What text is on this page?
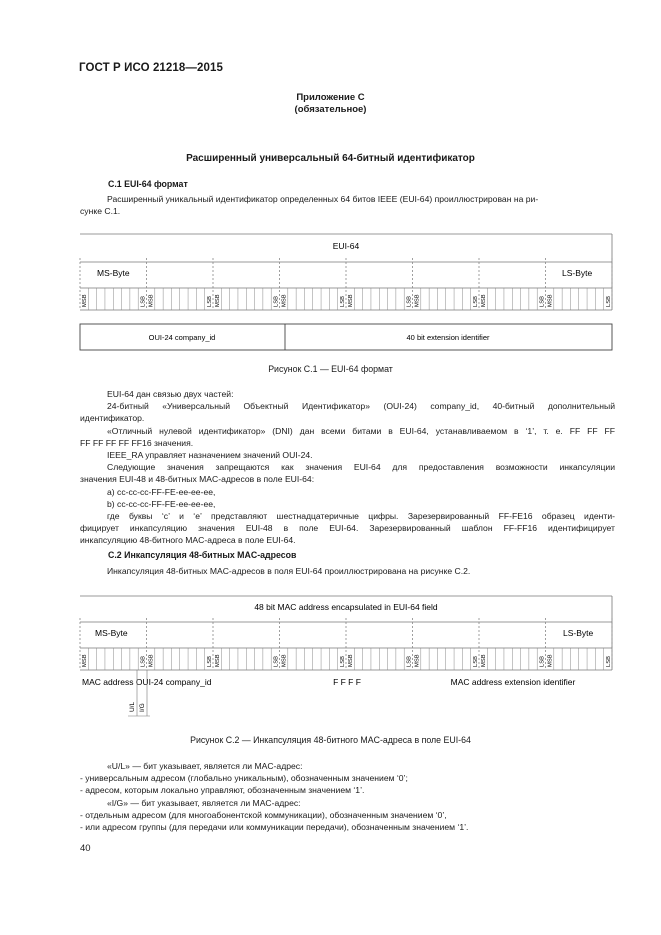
ГОСТ Р ИСО 21218—2015
Приложение С
(обязательное)
Расширенный универсальный 64-битный идентификатор
С.1 EUI-64 формат
Расширенный уникальный идентификатор определенных 64 битов IEEE (EUI-64) проиллюстрирован на ри-
сунке С.1.
EUI-64
MS-Byte	LS-Byte
MSB	LSB MSB	LSB MSB	LSB MSB	LSB MSB	LSB MSB	LSB MSB	LSB MSB	LSB
OUI-24 company_id	40 bit extension identifier
Рисунок С.1 — EUI-64 формат
EUI-64 дан связью двух частей:
24-битный «Универсальный Объектный Идентификатор» (OUI-24) company_id, 40-битный дополнительный
идентификатор.
«Отличный нулевой идентификатор» (DNI) дан всеми битами в EUI-64, устанавливаемом в ‘1’, т. е. FF FF FF
FF FF FF FF FF16 значения.
IEEE_RA управляет назначением значений OUI-24.
Следующие значения запрещаются как значения EUI-64 для предоставления возможности инкапсуляции
значения EUI-48 и 48-битных MAC-адресов в поле EUI-64:
а) cc-cc-cc-FF-FE-ee-ee-ee,
b) cc-cc-cc-FF-FE-ee-ee-ee,
где буквы ‘c’ и ‘e’ представляют шестнадцатеричные цифры. Зарезервированный FF-FE16 образец иденти-
фицирует инкапсуляцию значения EUI-48 в поле EUI-64. Зарезервированный шаблон FF-FF16 идентифицирует
инкапсуляцию 48-битного MAC-адреса в поле EUI-64.
С.2 Инкапсуляция 48-битных MAC-адресов
Инкапсуляция 48-битных MAC-адресов в поля EUI-64 проиллюстрирована на рисунке С.2.
48 bit MAC address encapsulated in EUI-64 field
MS-Byte	LS-Byte
MSB	LSB MSB	LSB MSB	LSB MSB	LSB MSB	LSB MSB	LSB MSB	LSB MSB	LSB
MAC address OUI-24 company_id	F F F F	MAC address extension identifier
U/L I/G
Рисунок С.2 — Инкапсуляция 48-битного MAC-адреса в поле EUI-64
«U/L» — бит указывает, является ли MAC-адрес:
- универсальным адресом (глобально уникальным), обозначенным значением ‘0’;
- адресом, которым локально управляют, обозначенным значением ‘1’.
«I/G» — бит указывает, является ли MAC-адрес:
- отдельным адресом (для многоабонентской коммуникации), обозначенным значением ‘0’,
- или адресом группы (для передачи или коммуникации передачи), обозначенным значением ‘1’.
40
